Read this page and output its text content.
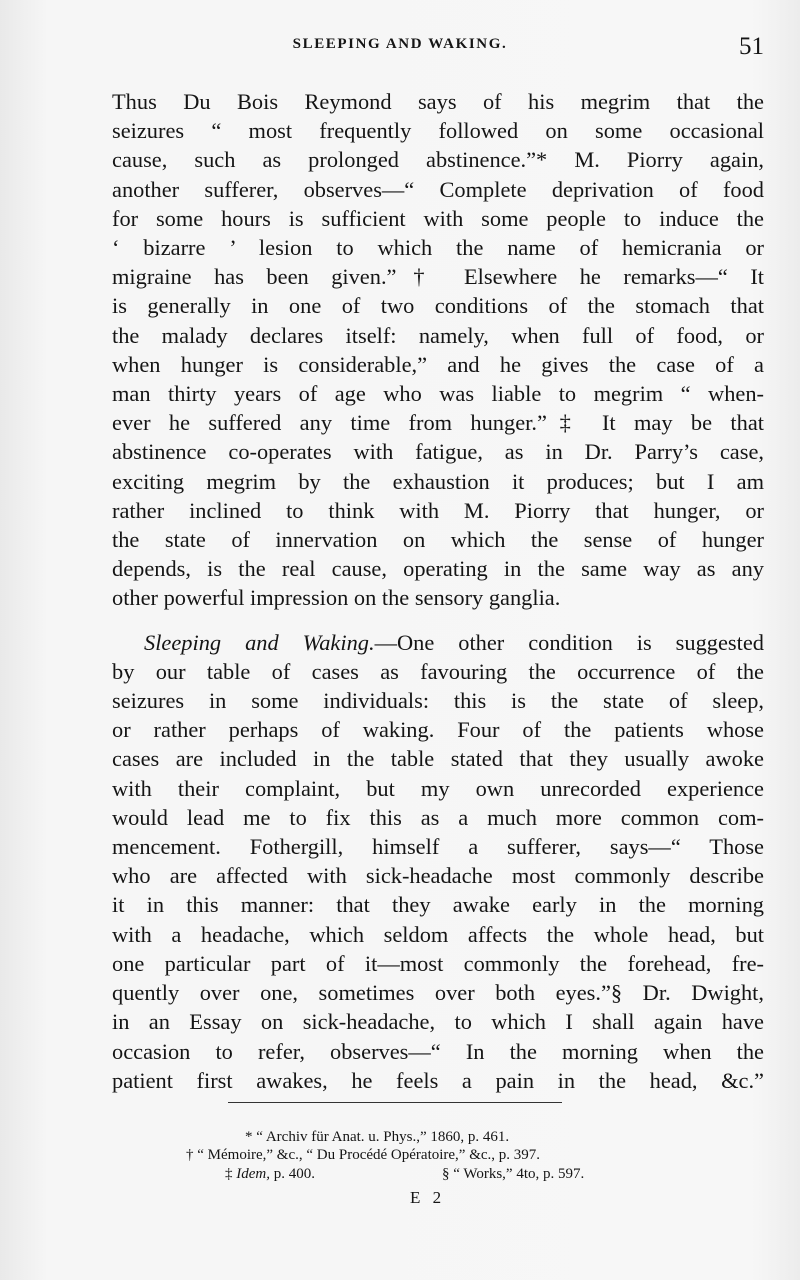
SLEEPING AND WAKING.	51
Thus Du Bois Reymond says of his megrim that the
seizures “ most frequently followed on some occasional
cause, such as prolonged abstinence.”* M. Piorry again,
another sufferer, observes—“ Complete deprivation of food
for some hours is sufficient with some people to induce the
‘ bizarre ’ lesion to which the name of hemicrania or
migraine has been given.”† Elsewhere he remarks—“ It
is generally in one of two conditions of the stomach that
the malady declares itself: namely, when full of food, or
when hunger is considerable,” and he gives the case of a
man thirty years of age who was liable to megrim “ when-
ever he suffered any time from hunger.”‡ It may be that
abstinence co-operates with fatigue, as in Dr. Parry’s case,
exciting megrim by the exhaustion it produces; but I am
rather inclined to think with M. Piorry that hunger, or
the state of innervation on which the sense of hunger
depends, is the real cause, operating in the same way as any
other powerful impression on the sensory ganglia.
Sleeping and Waking.—One other condition is suggested
by our table of cases as favouring the occurrence of the
seizures in some individuals: this is the state of sleep,
or rather perhaps of waking. Four of the patients whose
cases are included in the table stated that they usually awoke
with their complaint, but my own unrecorded experience
would lead me to fix this as a much more common com-
mencement. Fothergill, himself a sufferer, says—“ Those
who are affected with sick-headache most commonly describe
it in this manner: that they awake early in the morning
with a headache, which seldom affects the whole head, but
one particular part of it—most commonly the forehead, fre-
quently over one, sometimes over both eyes.”§ Dr. Dwight,
in an Essay on sick-headache, to which I shall again have
occasion to refer, observes—“ In the morning when the
patient first awakes, he feels a pain in the head, &c.”
* “ Archiv für Anat. u. Phys.,” 1860, p. 461.
† “ Mémoire,” &c., “ Du Procédé Opératoire,” &c., p. 397.
‡ Idem, p. 400.	§ “ Works,” 4to, p. 597.
E 2
